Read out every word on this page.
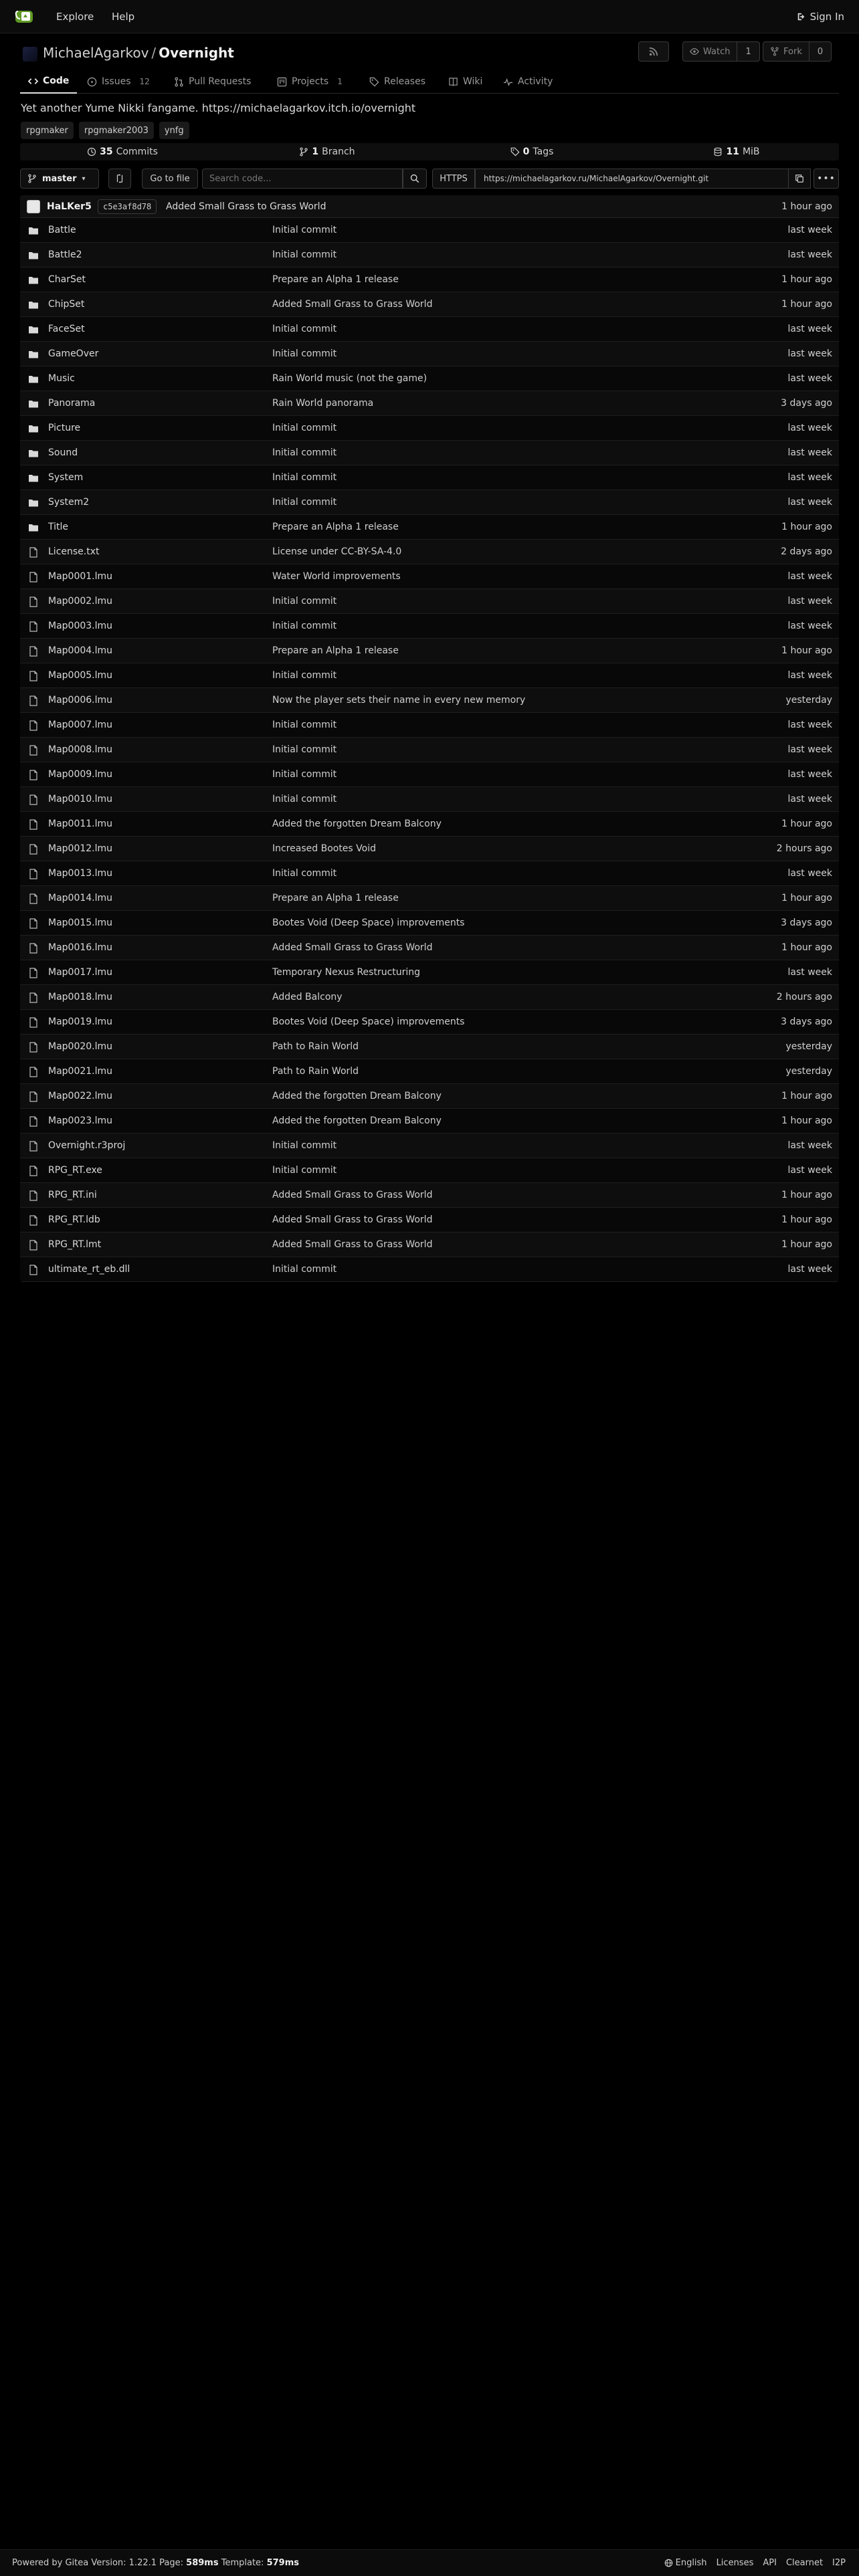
Explore Help	Sign In
MichaelAgarkov / Overnight	Watch	1	Fork	0
Code	Issues 12	Pull Requests	Projects 1	Releases	Wiki	Activity
Yet another Yume Nikki fangame. https://michaelagarkov.itch.io/overnight
rpgmaker	rpgmaker2003	ynfg
35 Commits	1 Branch	0 Tags	11 MiB
master ▾	Go to file	Search code...	HTTPS	https://michaelagarkov.ru/MichaelAgarkov/Overnight.git	•••
HaLKer5	c5e3af8d78	Added Small Grass to Grass World	1 hour ago
Battle	Initial commit	last week
Battle2	Initial commit	last week
CharSet	Prepare an Alpha 1 release	1 hour ago
ChipSet	Added Small Grass to Grass World	1 hour ago
FaceSet	Initial commit	last week
GameOver	Initial commit	last week
Music	Rain World music (not the game)	last week
Panorama	Rain World panorama	3 days ago
Picture	Initial commit	last week
Sound	Initial commit	last week
System	Initial commit	last week
System2	Initial commit	last week
Title	Prepare an Alpha 1 release	1 hour ago
License.txt	License under CC-BY-SA-4.0	2 days ago
Map0001.lmu	Water World improvements	last week
Map0002.lmu	Initial commit	last week
Map0003.lmu	Initial commit	last week
Map0004.lmu	Prepare an Alpha 1 release	1 hour ago
Map0005.lmu	Initial commit	last week
Map0006.lmu	Now the player sets their name in every new memory	yesterday
Map0007.lmu	Initial commit	last week
Map0008.lmu	Initial commit	last week
Map0009.lmu	Initial commit	last week
Map0010.lmu	Initial commit	last week
Map0011.lmu	Added the forgotten Dream Balcony	1 hour ago
Map0012.lmu	Increased Bootes Void	2 hours ago
Map0013.lmu	Initial commit	last week
Map0014.lmu	Prepare an Alpha 1 release	1 hour ago
Map0015.lmu	Bootes Void (Deep Space) improvements	3 days ago
Map0016.lmu	Added Small Grass to Grass World	1 hour ago
Map0017.lmu	Temporary Nexus Restructuring	last week
Map0018.lmu	Added Balcony	2 hours ago
Map0019.lmu	Bootes Void (Deep Space) improvements	3 days ago
Map0020.lmu	Path to Rain World	yesterday
Map0021.lmu	Path to Rain World	yesterday
Map0022.lmu	Added the forgotten Dream Balcony	1 hour ago
Map0023.lmu	Added the forgotten Dream Balcony	1 hour ago
Overnight.r3proj	Initial commit	last week
RPG_RT.exe	Initial commit	last week
RPG_RT.ini	Added Small Grass to Grass World	1 hour ago
RPG_RT.ldb	Added Small Grass to Grass World	1 hour ago
RPG_RT.lmt	Added Small Grass to Grass World	1 hour ago
ultimate_rt_eb.dll	Initial commit	last week
Powered by Gitea Version: 1.22.1 Page: 589ms Template: 579ms	English Licenses API Clearnet I2P
